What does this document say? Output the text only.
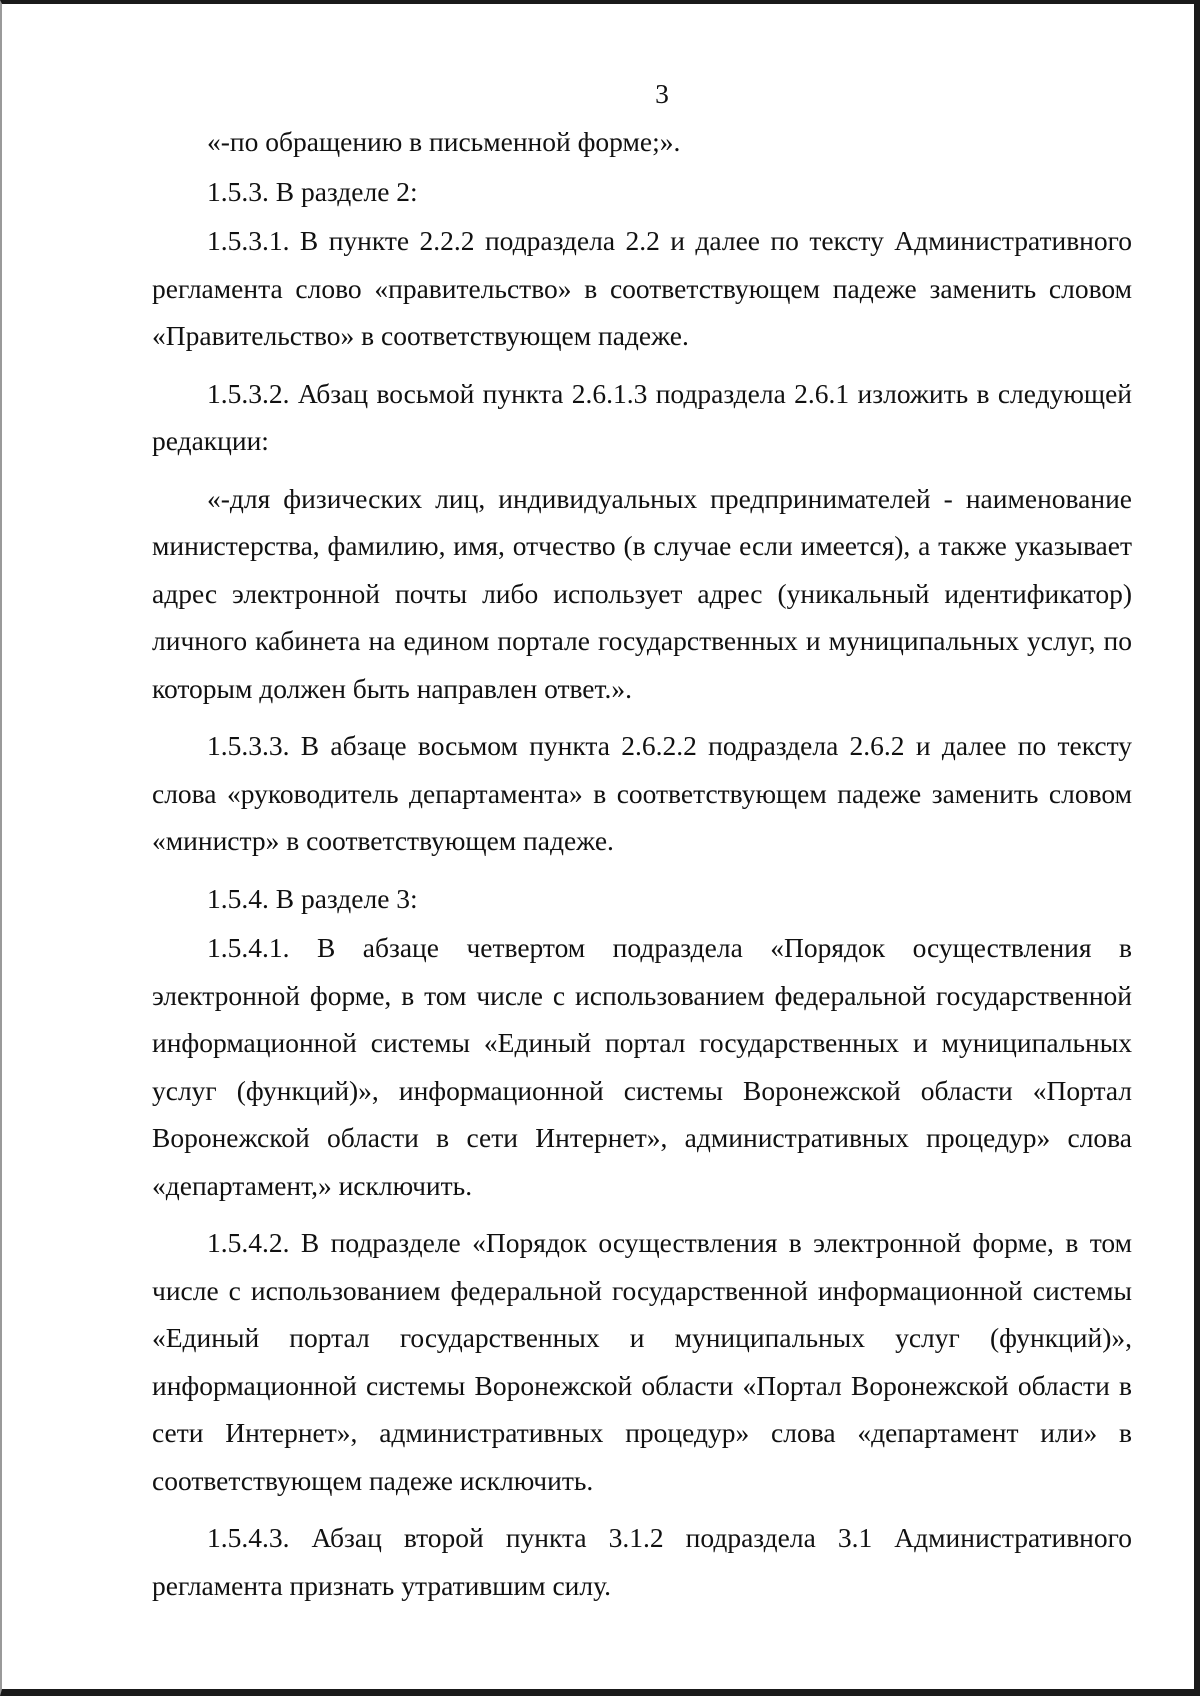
3

«-по обращению в письменной форме;».

1.5.3. В разделе 2:

1.5.3.1. В пункте 2.2.2 подраздела 2.2 и далее по тексту Административного регламента слово «правительство» в соответствующем падеже заменить словом «Правительство» в соответствующем падеже.

1.5.3.2. Абзац восьмой пункта 2.6.1.3 подраздела 2.6.1 изложить в следующей редакции:

«-для физических лиц, индивидуальных предпринимателей - наименование министерства, фамилию, имя, отчество (в случае если имеется), а также указывает адрес электронной почты либо использует адрес (уникальный идентификатор) личного кабинета на едином портале государственных и муниципальных услуг, по которым должен быть направлен ответ.».

1.5.3.3. В абзаце восьмом пункта 2.6.2.2 подраздела 2.6.2 и далее по тексту слова «руководитель департамента» в соответствующем падеже заменить словом «министр» в соответствующем падеже.

1.5.4. В разделе 3:

1.5.4.1. В абзаце четвертом подраздела «Порядок осуществления в электронной форме, в том числе с использованием федеральной государственной информационной системы «Единый портал государственных и муниципальных услуг (функций)», информационной системы Воронежской области «Портал Воронежской области в сети Интернет», административных процедур» слова «департамент,» исключить.

1.5.4.2. В подразделе «Порядок осуществления в электронной форме, в том числе с использованием федеральной государственной информационной системы «Единый портал государственных и муниципальных услуг (функций)», информационной системы Воронежской области «Портал Воронежской области в сети Интернет», административных процедур» слова «департамент или» в соответствующем падеже исключить.

1.5.4.3. Абзац второй пункта 3.1.2 подраздела 3.1 Административного регламента признать утратившим силу.
